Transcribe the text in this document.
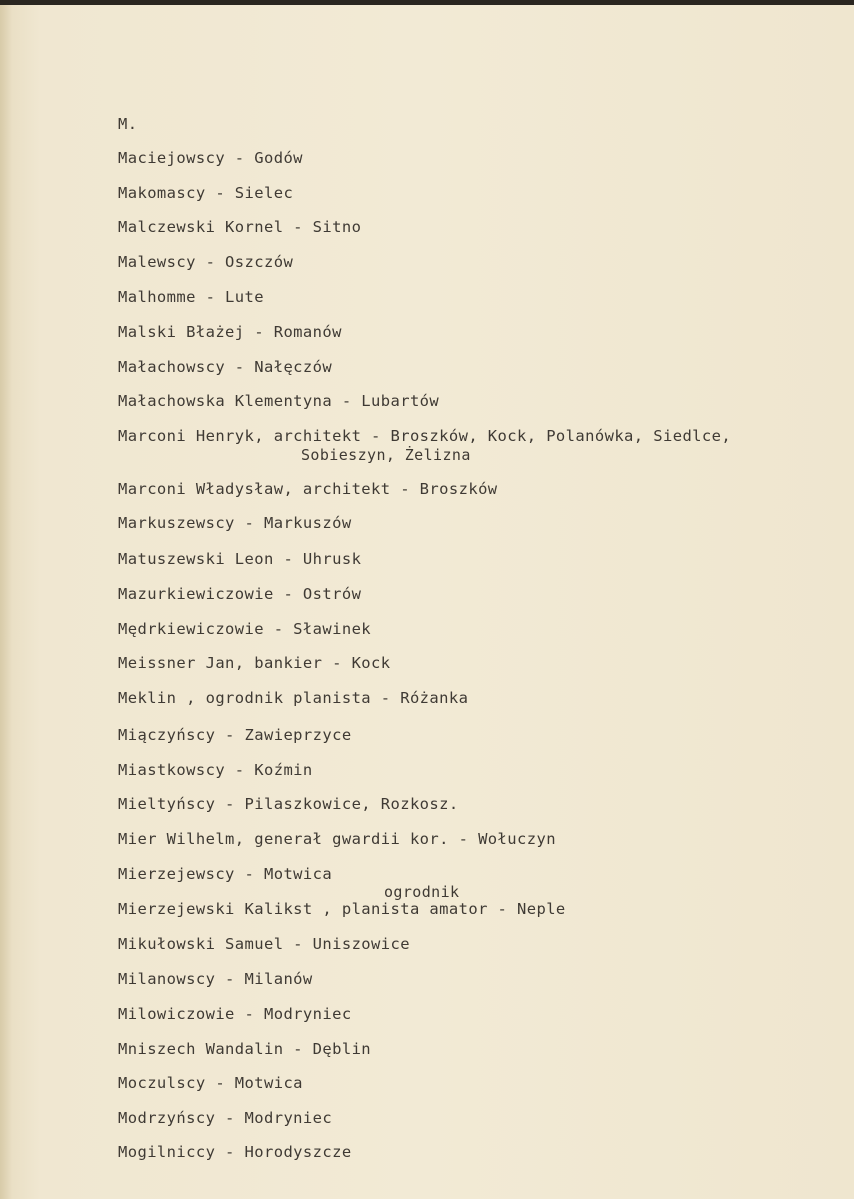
M.
Maciejowscy - Godów
Makomascy - Sielec
Malczewski Kornel - Sitno
Malewscy - Oszczów
Malhomme - Lute
Malski Błażej - Romanów
Małachowscy - Nałęczów
Małachowska Klementyna - Lubartów
Marconi Henryk, architekt - Broszków, Kock, Polanówka, Siedlce,
Sobieszyn, Żelizna
Marconi Władysław, architekt - Broszków
Markuszewscy - Markuszów
Matuszewski Leon - Uhrusk
Mazurkiewiczowie - Ostrów
Mędrkiewiczowie - Sławinek
Meissner Jan, bankier - Kock
Meklin , ogrodnik planista - Różanka
Miączyńscy - Zawieprzyce
Miastkowscy - Koźmin
Mieltyńscy - Pilaszkowice, Rozkosz.
Mier Wilhelm, generał gwardii kor. - Wołuczyn
Mierzejewscy - Motwica
ogrodnik
Mierzejewski Kalikst , planista amator - Neple
Mikułowski Samuel - Uniszowice
Milanowscy - Milanów
Milowiczowie - Modryniec
Mniszech Wandalin - Dęblin
Moczulscy - Motwica
Modrzyńscy - Modryniec
Mogilniccy - Horodyszcze
